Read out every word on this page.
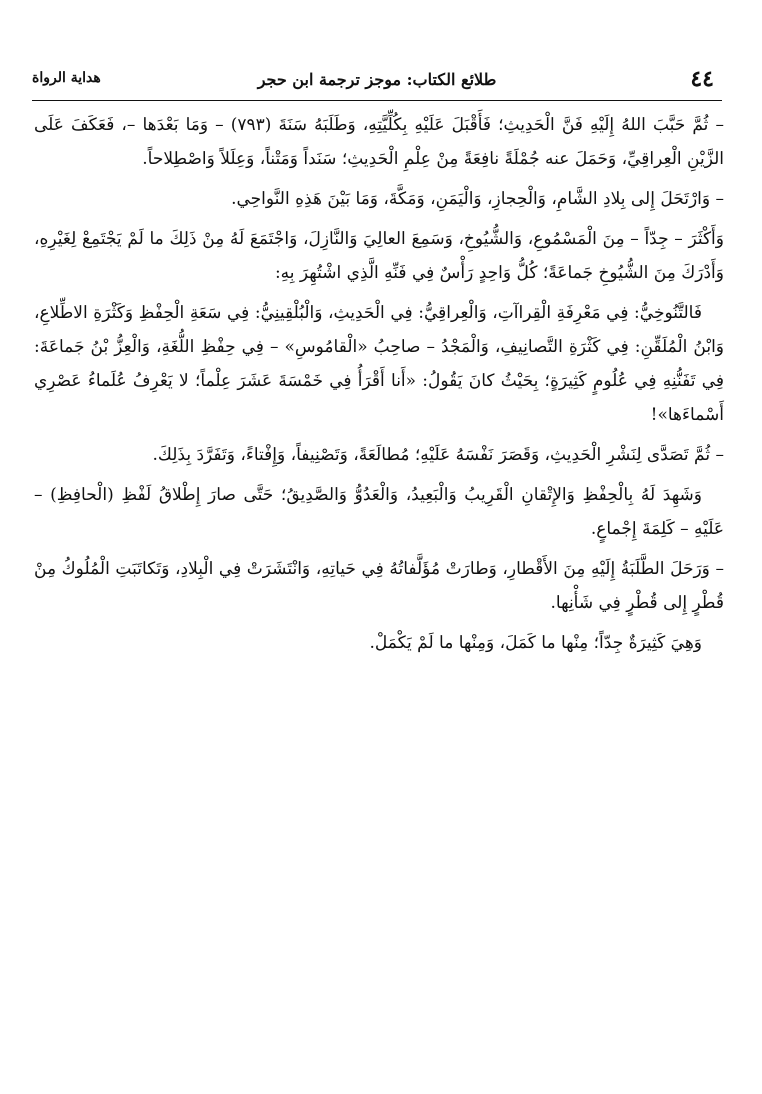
٤٤
طلائع الكتاب: موجز ترجمة ابن حجر
هداية الرواة

– ثُمَّ حَبَّبَ اللهُ إِلَيْهِ فَنَّ الْحَدِيثِ؛ فَأَقْبَلَ عَلَيْهِ بِكُلِّيَّتِهِ، وَطَلَبَهُ سَنَةَ (٧٩٣) – وَمَا بَعْدَها –، فَعَكَفَ عَلَى الزَّيْنِ الْعِراقِيِّ، وَحَمَلَ عنه جُمْلَةً نافِعَةً مِنْ عِلْمِ الْحَدِيثِ؛ سَنَداً وَمَتْناً، وَعِلَلاً وَاصْطِلاحاً.

– وَارْتَحَلَ إِلى بِلادِ الشَّامِ، وَالْحِجازِ، وَالْيَمَنِ، وَمَكَّةَ، وَمَا بَيْنَ هَذِهِ النَّواحِي.

وَأَكْثَرَ – جِدّاً – مِنَ الْمَسْمُوعِ، وَالشُّيُوخِ، وَسَمِعَ العالِيَ وَالنَّازِلَ، وَاجْتَمَعَ لَهُ مِنْ ذَلِكَ ما لَمْ يَجْتَمِعْ لِغَيْرِهِ، وَأَدْرَكَ مِنَ الشُّيُوخِ جَماعَةً؛ كُلُّ وَاحِدٍ رَأْسٌ فِي فَنِّهِ الَّذِي اشْتُهِرَ بِهِ:

فَالتَّنُوخِيُّ: فِي مَعْرِفَةِ الْقِراآتِ، وَالْعِراقِيُّ: فِي الْحَدِيثِ، وَالْبُلْقِينِيُّ: فِي سَعَةِ الْحِفْظِ وَكَثْرَةِ الاطِّلاعِ، وَابْنُ الْمُلَقِّنِ: فِي كَثْرَةِ التَّصانِيفِ، وَالْمَجْدُ – صاحِبُ «الْقامُوسِ» – فِي حِفْظِ اللُّغَةِ، وَالْعِزُّ بْنُ جَماعَةَ: فِي تَفَنُّنِهِ فِي عُلُومٍ كَثِيرَةٍ؛ بِحَيْثُ كانَ يَقُولُ: «أَنا أَقْرَأُ فِي خَمْسَةَ عَشَرَ عِلْماً؛ لا يَعْرِفُ عُلَماءُ عَصْرِي أَسْماءَها»!

– ثُمَّ تَصَدَّى لِنَشْرِ الْحَدِيثِ، وَقَصَرَ نَفْسَهُ عَلَيْهِ؛ مُطالَعَةً، وَتَصْنِيفاً، وَإِفْتاءً، وَتَفَرَّدَ بِذَلِكَ.

وَشَهِدَ لَهُ بِالْحِفْظِ وَالإِتْقانِ الْقَرِيبُ وَالْبَعِيدُ، وَالْعَدُوُّ وَالصَّدِيقُ؛ حَتَّى صارَ إِطْلاقُ لَفْظِ (الْحافِظِ) – عَلَيْهِ – كَلِمَةَ إِجْماعٍ.

– وَرَحَلَ الطَّلَبَةُ إِلَيْهِ مِنَ الأَقْطارِ، وَطارَتْ مُؤَلَّفاتُهُ فِي حَياتِهِ، وَانْتَشَرَتْ فِي الْبِلادِ، وَتَكاتَبَتِ الْمُلُوكُ مِنْ قُطْرٍ إِلى قُطْرٍ فِي شَأْنِها.

وَهِيَ كَثِيرَةٌ جِدّاً؛ مِنْها ما كَمَلَ، وَمِنْها ما لَمْ يَكْمَلْ.
